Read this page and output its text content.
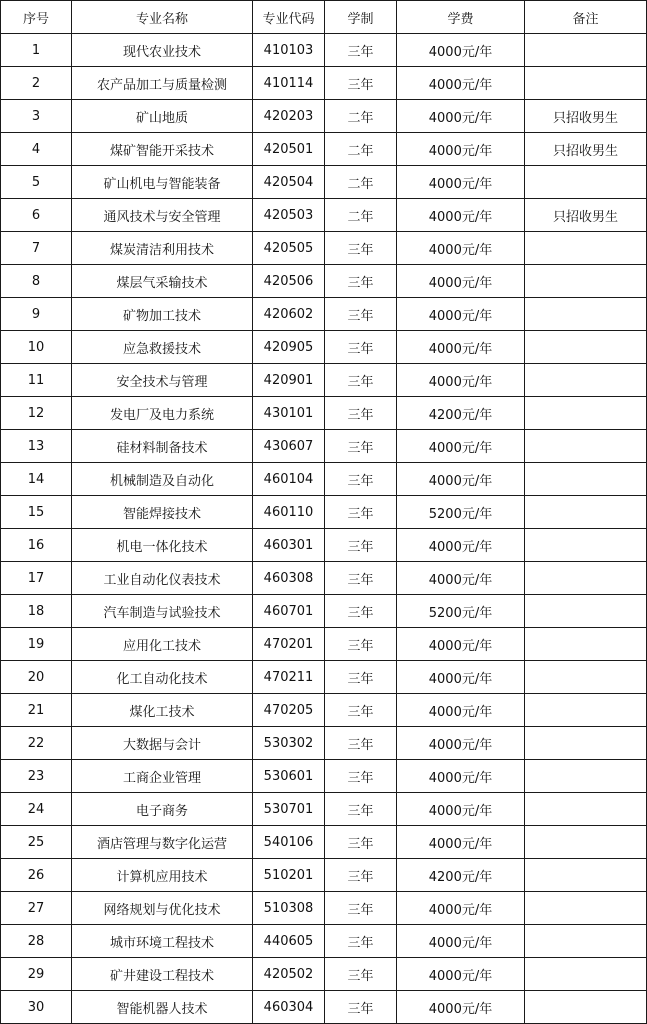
序号	专业名称	专业代码	学制	学费	备注
1	现代农业技术	410103	三年	4000元/年	
2	农产品加工与质量检测	410114	三年	4000元/年	
3	矿山地质	420203	二年	4000元/年	只招收男生
4	煤矿智能开采技术	420501	二年	4000元/年	只招收男生
5	矿山机电与智能装备	420504	二年	4000元/年	
6	通风技术与安全管理	420503	二年	4000元/年	只招收男生
7	煤炭清洁利用技术	420505	三年	4000元/年	
8	煤层气采输技术	420506	三年	4000元/年	
9	矿物加工技术	420602	三年	4000元/年	
10	应急救援技术	420905	三年	4000元/年	
11	安全技术与管理	420901	三年	4000元/年	
12	发电厂及电力系统	430101	三年	4200元/年	
13	硅材料制备技术	430607	三年	4000元/年	
14	机械制造及自动化	460104	三年	4000元/年	
15	智能焊接技术	460110	三年	5200元/年	
16	机电一体化技术	460301	三年	4000元/年	
17	工业自动化仪表技术	460308	三年	4000元/年	
18	汽车制造与试验技术	460701	三年	5200元/年	
19	应用化工技术	470201	三年	4000元/年	
20	化工自动化技术	470211	三年	4000元/年	
21	煤化工技术	470205	三年	4000元/年	
22	大数据与会计	530302	三年	4000元/年	
23	工商企业管理	530601	三年	4000元/年	
24	电子商务	530701	三年	4000元/年	
25	酒店管理与数字化运营	540106	三年	4000元/年	
26	计算机应用技术	510201	三年	4200元/年	
27	网络规划与优化技术	510308	三年	4000元/年	
28	城市环境工程技术	440605	三年	4000元/年	
29	矿井建设工程技术	420502	三年	4000元/年	
30	智能机器人技术	460304	三年	4000元/年	
